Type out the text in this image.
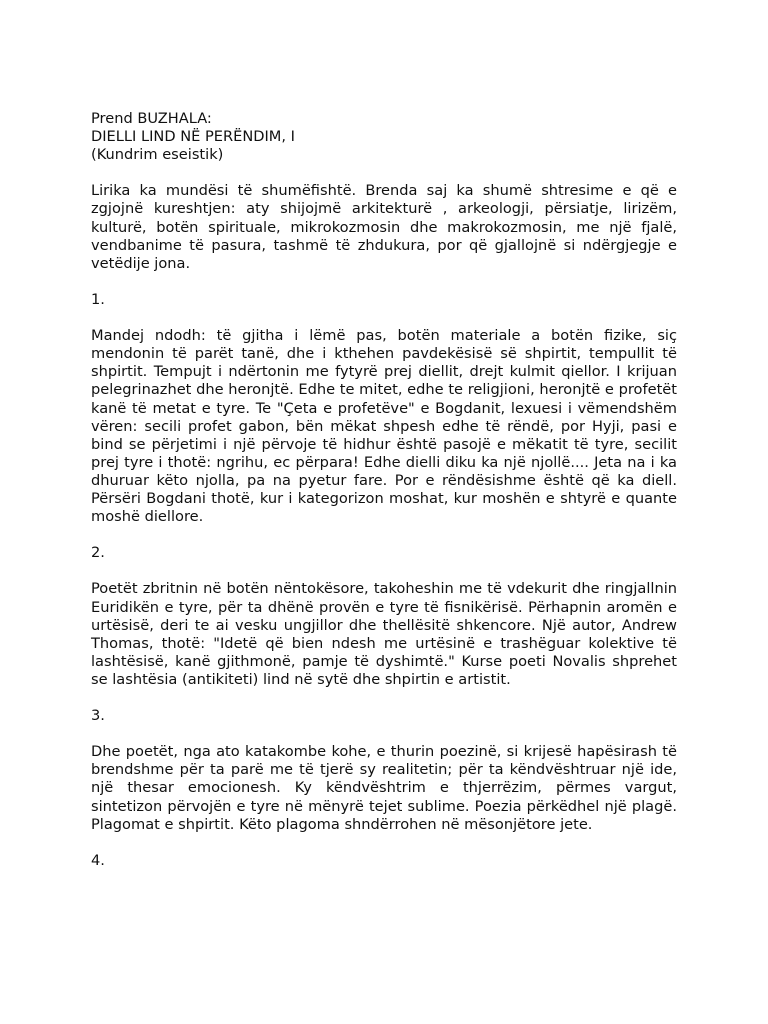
Prend BUZHALA:
DIELLI LIND NË PERËNDIM, I
(Kundrim eseistik)

Lirika ka mundësi të shumëfishtë. Brenda saj ka shumë shtresime e që e zgjojnë kureshtjen: aty shijojmë arkitekturë , arkeologji, përsiatje, lirizëm, kulturë, botën spirituale, mikrokozmosin dhe makrokozmosin, me një fjalë, vendbanime të pasura, tashmë të zhdukura, por që gjallojnë si ndërgjegje e vetëdije jona.

1.

Mandej ndodh: të gjitha i lëmë pas, botën materiale a botën fizike, siç mendonin të parët tanë, dhe i kthehen pavdekësisë së shpirtit, tempullit të shpirtit. Tempujt i ndërtonin me fytyrë prej diellit, drejt kulmit qiellor. I krijuan pelegrinazhet dhe heronjtë. Edhe te mitet, edhe te religjioni, heronjtë e profetët kanë të metat e tyre. Te "Çeta e profetëve" e Bogdanit, lexuesi i vëmendshëm vëren: secili profet gabon, bën mëkat shpesh edhe të rëndë, por Hyji, pasi e bind se përjetimi i një përvoje të hidhur është pasojë e mëkatit të tyre, secilit prej tyre i thotë: ngrihu, ec përpara! Edhe dielli diku ka një njollë.... Jeta na i ka dhuruar këto njolla, pa na pyetur fare. Por e rëndësishme është që ka diell. Përsëri Bogdani thotë, kur i kategorizon moshat, kur moshën e shtyrë e quante moshë diellore.

2.

Poetët zbritnin në botën nëntokësore, takoheshin me të vdekurit dhe ringjallnin Euridikën e tyre, për ta dhënë provën e tyre të fisnikërisë. Përhapnin aromën e urtësisë, deri te ai vesku ungjillor dhe thellësitë shkencore. Një autor, Andrew Thomas, thotë: "Idetë që bien ndesh me urtësinë e trashëguar kolektive të lashtësisë, kanë gjithmonë, pamje të dyshimtë." Kurse poeti Novalis shprehet se lashtësia (antikiteti) lind në sytë dhe shpirtin e artistit.

3.

Dhe poetët, nga ato katakombe kohe, e thurin poezinë, si krijesë hapësirash të brendshme për ta parë me të tjerë sy realitetin; për ta këndvështruar një ide, një thesar emocionesh. Ky këndvështrim e thjerrëzim, përmes vargut, sintetizon përvojën e tyre në mënyrë tejet sublime. Poezia përkëdhel një plagë. Plagomat e shpirtit. Këto plagoma shndërrohen në mësonjëtore jete.

4.
